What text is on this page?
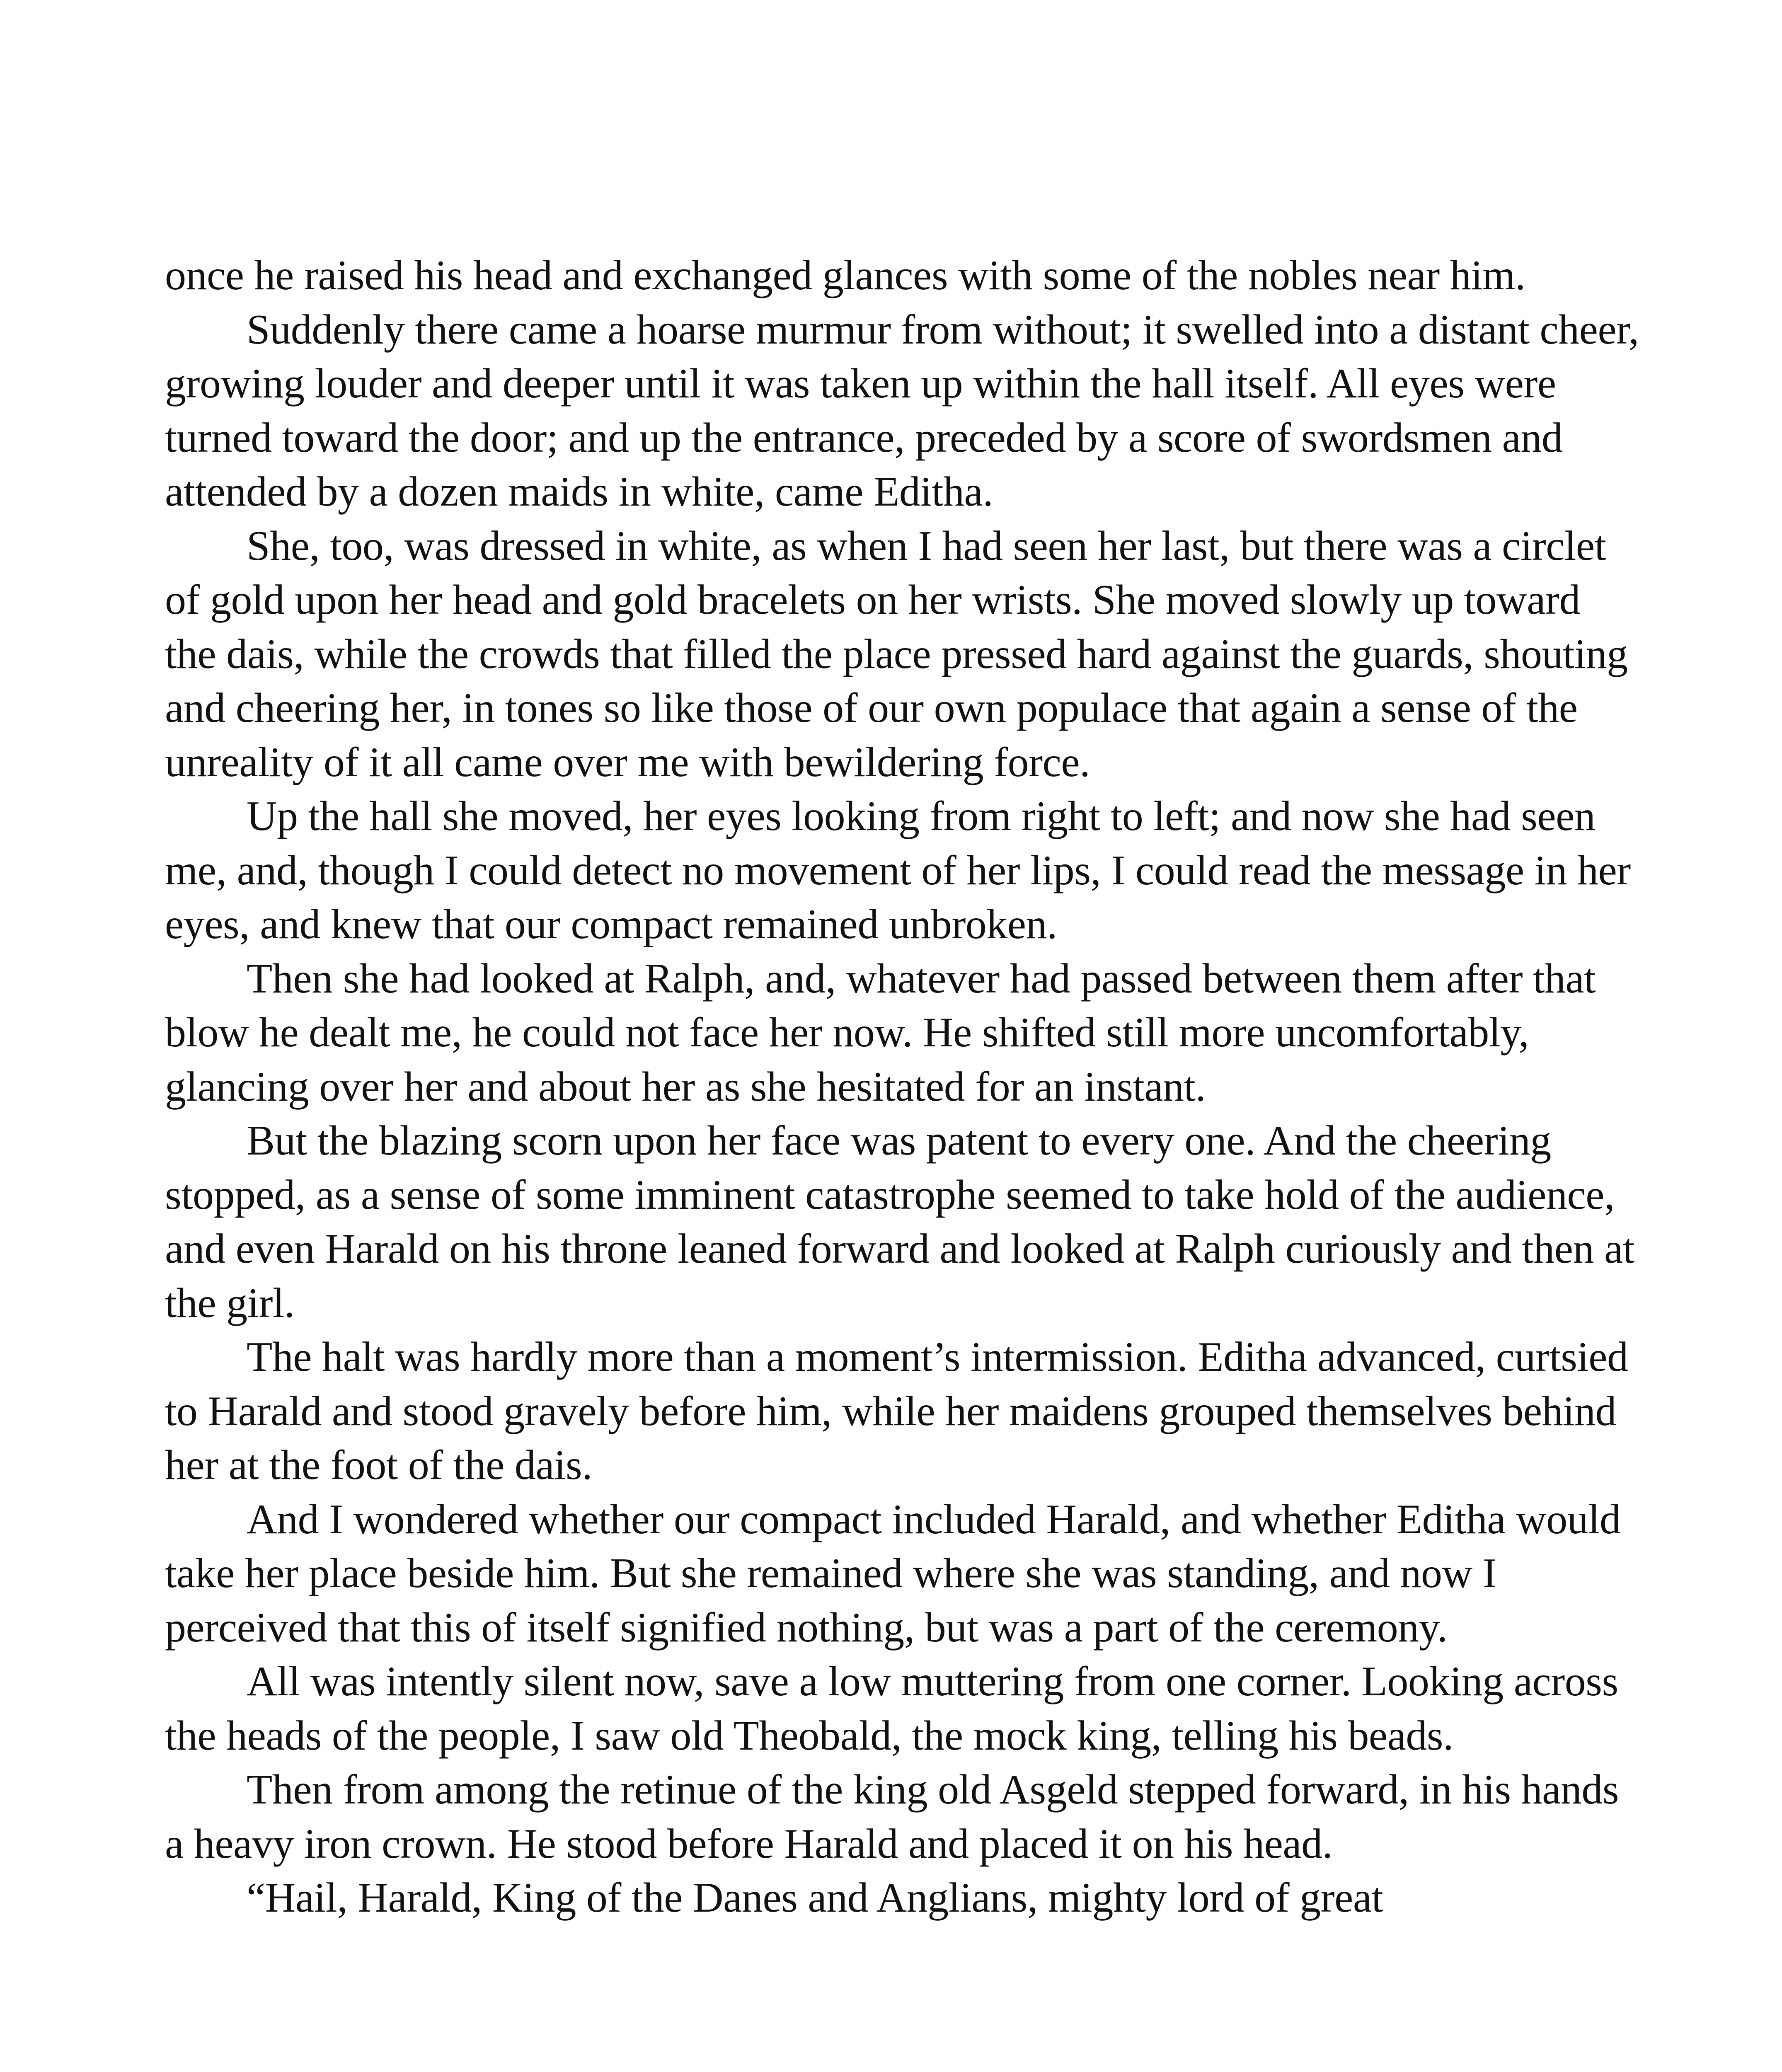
once he raised his head and exchanged glances with some of the nobles near him.

Suddenly there came a hoarse murmur from without; it swelled into a distant cheer, growing louder and deeper until it was taken up within the hall itself. All eyes were turned toward the door; and up the entrance, preceded by a score of swordsmen and attended by a dozen maids in white, came Editha.

She, too, was dressed in white, as when I had seen her last, but there was a circlet of gold upon her head and gold bracelets on her wrists. She moved slowly up toward the dais, while the crowds that filled the place pressed hard against the guards, shouting and cheering her, in tones so like those of our own populace that again a sense of the unreality of it all came over me with bewildering force.

Up the hall she moved, her eyes looking from right to left; and now she had seen me, and, though I could detect no movement of her lips, I could read the message in her eyes, and knew that our compact remained unbroken.

Then she had looked at Ralph, and, whatever had passed between them after that blow he dealt me, he could not face her now. He shifted still more uncomfortably, glancing over her and about her as she hesitated for an instant.

But the blazing scorn upon her face was patent to every one. And the cheering stopped, as a sense of some imminent catastrophe seemed to take hold of the audience, and even Harald on his throne leaned forward and looked at Ralph curiously and then at the girl.

The halt was hardly more than a moment’s intermission. Editha advanced, curtsied to Harald and stood gravely before him, while her maidens grouped themselves behind her at the foot of the dais.

And I wondered whether our compact included Harald, and whether Editha would take her place beside him. But she remained where she was standing, and now I perceived that this of itself signified nothing, but was a part of the ceremony.

All was intently silent now, save a low muttering from one corner. Looking across the heads of the people, I saw old Theobald, the mock king, telling his beads.

Then from among the retinue of the king old Asgeld stepped forward, in his hands a heavy iron crown. He stood before Harald and placed it on his head.

“Hail, Harald, King of the Danes and Anglians, mighty lord of great
